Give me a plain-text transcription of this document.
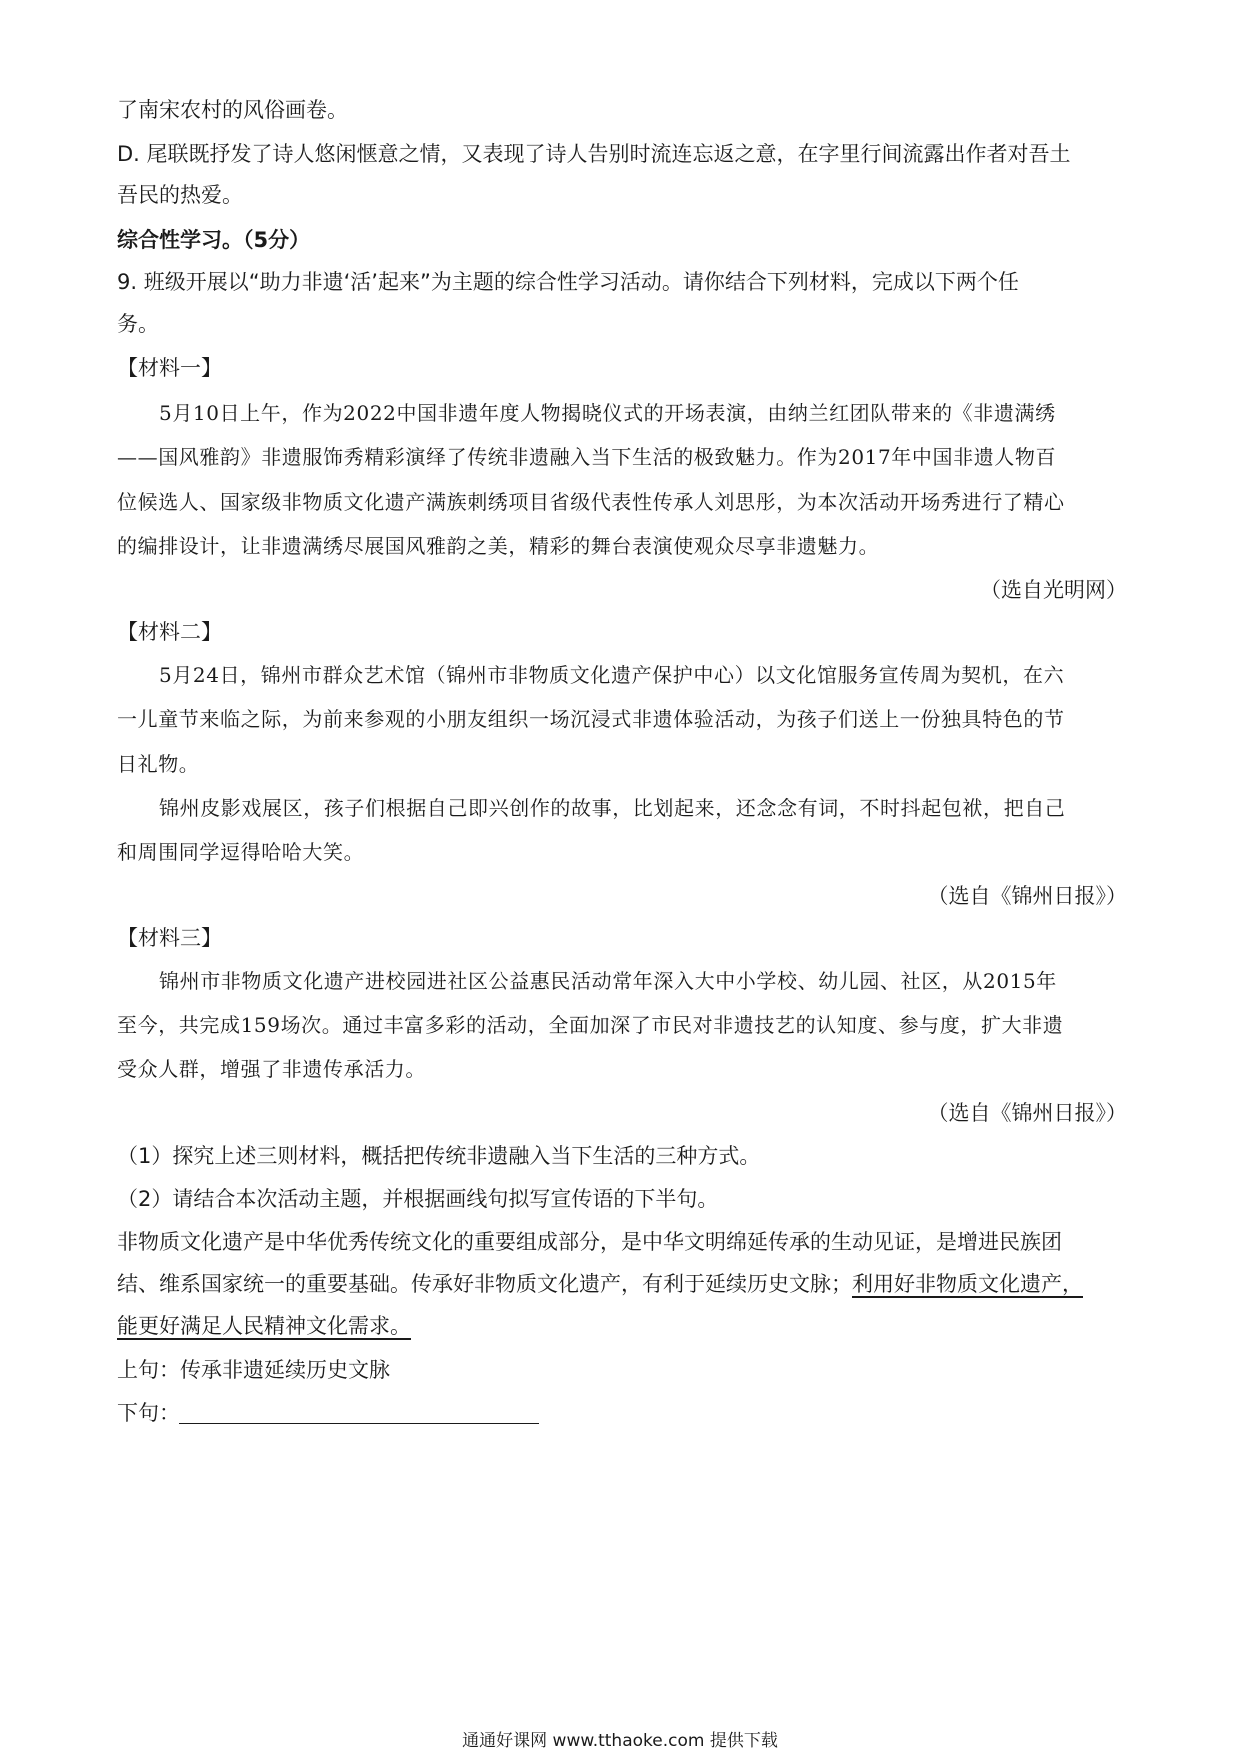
了南宋农村的风俗画卷。
D. 尾联既抒发了诗人悠闲惬意之情，又表现了诗人告别时流连忘返之意，在字里行间流露出作者对吾土
吾民的热爱。
综合性学习。（5分）
9. 班级开展以“助力非遗‘活’起来”为主题的综合性学习活动。请你结合下列材料，完成以下两个任
务。
【材料一】
5月10日上午，作为2022中国非遗年度人物揭晓仪式的开场表演，由纳兰红团队带来的《非遗满绣
——国风雅韵》非遗服饰秀精彩演绎了传统非遗融入当下生活的极致魅力。作为2017年中国非遗人物百
位候选人、国家级非物质文化遗产满族刺绣项目省级代表性传承人刘思彤，为本次活动开场秀进行了精心
的编排设计，让非遗满绣尽展国风雅韵之美，精彩的舞台表演使观众尽享非遗魅力。
（选自光明网）
【材料二】
5月24日，锦州市群众艺术馆（锦州市非物质文化遗产保护中心）以文化馆服务宣传周为契机，在六
一儿童节来临之际，为前来参观的小朋友组织一场沉浸式非遗体验活动，为孩子们送上一份独具特色的节
日礼物。
锦州皮影戏展区，孩子们根据自己即兴创作的故事，比划起来，还念念有词，不时抖起包袱，把自己
和周围同学逗得哈哈大笑。
（选自《锦州日报》）
【材料三】
锦州市非物质文化遗产进校园进社区公益惠民活动常年深入大中小学校、幼儿园、社区，从2015年
至今，共完成159场次。通过丰富多彩的活动，全面加深了市民对非遗技艺的认知度、参与度，扩大非遗
受众人群，增强了非遗传承活力。
（选自《锦州日报》）
（1）探究上述三则材料，概括把传统非遗融入当下生活的三种方式。
（2）请结合本次活动主题，并根据画线句拟写宣传语的下半句。
非物质文化遗产是中华优秀传统文化的重要组成部分，是中华文明绵延传承的生动见证，是增进民族团
结、维系国家统一的重要基础。传承好非物质文化遗产，有利于延续历史文脉；利用好非物质文化遗产，
能更好满足人民精神文化需求。
上句：传承非遗延续历史文脉
下句：
通通好课网 www.tthaoke.com 提供下载
